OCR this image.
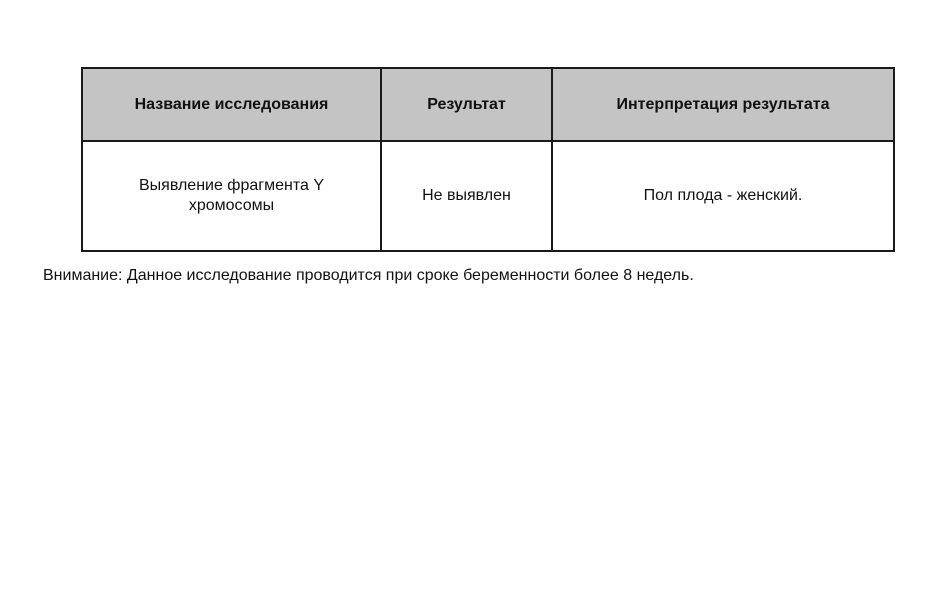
Название исследования	Результат	Интерпретация результата
Выявление фрагмента Y хромосомы	Не выявлен	Пол плода - женский.
Внимание: Данное исследование проводится при сроке беременности более 8 недель.
